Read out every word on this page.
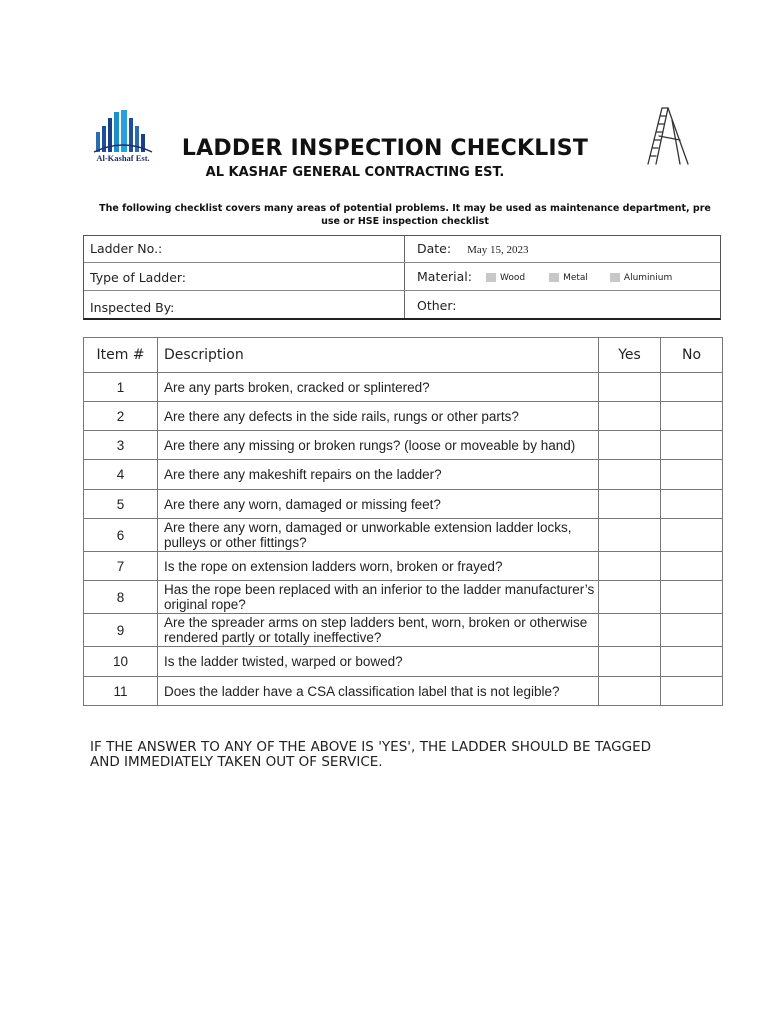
Al-Kashaf Est.	LADDER INSPECTION CHECKLIST
AL KASHAF GENERAL CONTRACTING EST.
The following checklist covers many areas of potential problems. It may be used as maintenance department, pre use or HSE inspection checklist
Ladder No.:
Type of Ladder:
Inspected By:
Date: May 15, 2023
Material:	Wood	Metal	Aluminium
Other:
Item #	Description	Yes	No
1	Are any parts broken, cracked or splintered?		
2	Are there any defects in the side rails, rungs or other parts?		
3	Are there any missing or broken rungs? (loose or moveable by hand)		
4	Are there any makeshift repairs on the ladder?		
5	Are there any worn, damaged or missing feet?		
6	Are there any worn, damaged or unworkable extension ladder locks, pulleys or other fittings?		
7	Is the rope on extension ladders worn, broken or frayed?		
8	Has the rope been replaced with an inferior to the ladder manufacturer’s original rope?		
9	Are the spreader arms on step ladders bent, worn, broken or otherwise rendered partly or totally ineffective?		
10	Is the ladder twisted, warped or bowed?		
11	Does the ladder have a CSA classification label that is not legible?		
IF THE ANSWER TO ANY OF THE ABOVE IS 'YES', THE LADDER SHOULD BE TAGGED AND IMMEDIATELY TAKEN OUT OF SERVICE.
